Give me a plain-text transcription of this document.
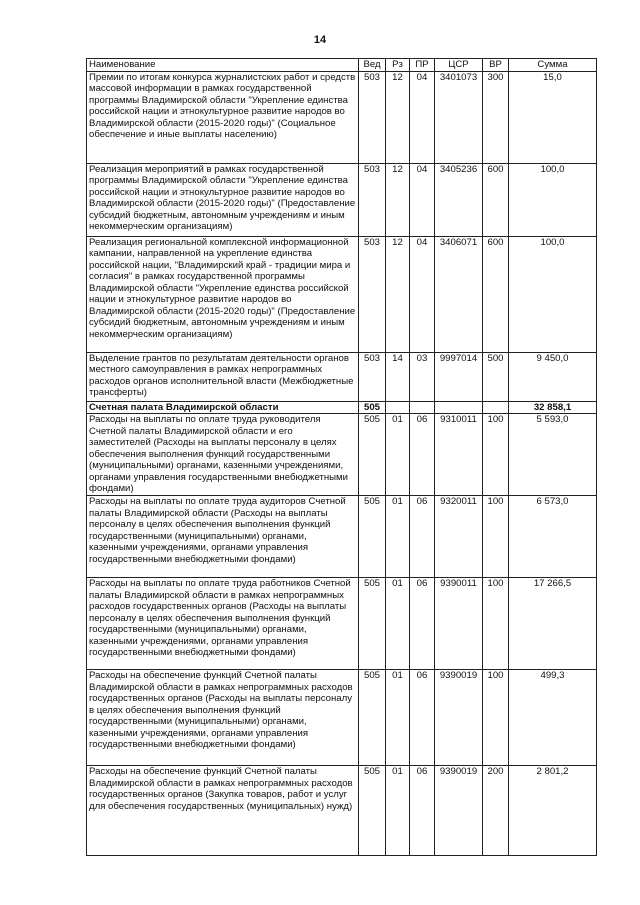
14
Наименование	Вед	Рз	ПР	ЦСР	ВР	Сумма
Премии по итогам конкурса журналистских работ и средств массовой информации в рамках государственной программы Владимирской области "Укрепление единства российской нации и этнокультурное развитие народов во Владимирской области (2015-2020 годы)" (Социальное обеспечение и иные выплаты населению)	503	12	04	3401073	300	15,0
Реализация мероприятий в рамках государственной программы Владимирской области "Укрепление единства российской нации и этнокультурное развитие народов во Владимирской области (2015-2020 годы)" (Предоставление субсидий бюджетным, автономным учреждениям и иным некоммерческим организациям)	503	12	04	3405236	600	100,0
Реализация региональной комплексной информационной кампании, направленной на укрепление единства российской нации, "Владимирский край - традиции мира и согласия" в рамках государственной программы Владимирской области "Укрепление единства российской нации и этнокультурное развитие народов во Владимирской области (2015-2020 годы)" (Предоставление субсидий бюджетным, автономным учреждениям и иным некоммерческим организациям)	503	12	04	3406071	600	100,0
Выделение грантов по результатам деятельности органов местного самоуправления в рамках непрограммных расходов органов исполнительной власти (Межбюджетные трансферты)	503	14	03	9997014	500	9 450,0
Счетная палата Владимирской области	505					32 858,1
Расходы на выплаты по оплате труда руководителя Счетной палаты Владимирской области и его заместителей (Расходы на выплаты персоналу в целях обеспечения выполнения функций государственными (муниципальными) органами, казенными учреждениями, органами управления государственными внебюджетными фондами)	505	01	06	9310011	100	5 593,0
Расходы на выплаты по оплате труда аудиторов Счетной палаты Владимирской области (Расходы на выплаты персоналу в целях обеспечения выполнения функций государственными (муниципальными) органами, казенными учреждениями, органами управления государственными внебюджетными фондами)	505	01	06	9320011	100	6 573,0
Расходы на выплаты по оплате труда работников Счетной палаты Владимирской области в рамках непрограммных расходов государственных органов (Расходы на выплаты персоналу в целях обеспечения выполнения функций государственными (муниципальными) органами, казенными учреждениями, органами управления государственными внебюджетными фондами)	505	01	06	9390011	100	17 266,5
Расходы на обеспечение функций Счетной палаты Владимирской области в рамках непрограммных расходов государственных органов (Расходы на выплаты персоналу в целях обеспечения выполнения функций государственными (муниципальными) органами, казенными учреждениями, органами управления государственными внебюджетными фондами)	505	01	06	9390019	100	499,3
Расходы на обеспечение функций Счетной палаты Владимирской области в рамках непрограммных расходов государственных органов (Закупка товаров, работ и услуг для обеспечения государственных (муниципальных) нужд)	505	01	06	9390019	200	2 801,2
